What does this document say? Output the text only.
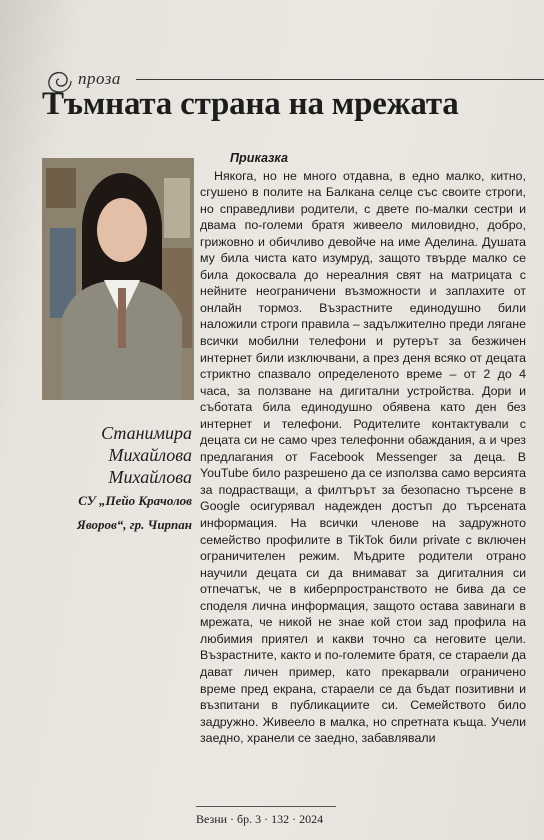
проза
Тъмната страна на мрежата
Станимира
Михайлова
Михайлова
СУ „Пейо Крачолов
Яворов“, гр. Чирпан
Приказка

Някога, но не много отдавна, в едно малко, китно, сгушено в полите на Балкана селце със своите строги, но справедливи родители, с двете по-малки сестри и двама по-големи братя живеело миловидно, добро, грижовно и обичливо девойче на име Аделина. Душата му била чиста като изумруд, защото твърде малко се била докосвала до нереалния свят на матрицата с нейните неограничени възможности и заплахите от онлайн тормоз. Възрастните единодушно били наложили строги правила – задължително преди лягане всички мобилни телефони и рутерът за безжичен интернет били изключвани, а през деня всяко от децата стриктно спазвало определеното време – от 2 до 4 часа, за ползване на дигитални устройства. Дори и съботата била единодушно обявена като ден без интернет и телефони. Родителите контактували с децата си не само чрез телефонни обаждания, а и чрез предлагания от Facebook Messenger за деца. В YouTube било разрешено да се използва само версията за подрастващи, а филтърът за безопасно търсене в Google осигурявал надежден достъп до търсената информация. На всички членове на задружното семейство профилите в TikTok били private с включен ограничителен режим. Мъдрите родители отрано научили децата си да внимават за дигиталния си отпечатък, че в киберпространството не бива да се споделя лична информация, защото остава завинаги в мрежата, че никой не знае кой стои зад профила на любимия приятел и какви точно са неговите цели. Възрастните, както и по-големите братя, се старaели да дават личен пример, като прекарвали ограничено време пред екрана, старaели се да бъдат позитивни и възпитани в публикациите си. Семейството било задружно. Живеело в малка, но спретната къща. Учели заедно, хранели се заедно, забавлявали

Везни · бр. 3 · 132 · 2024
